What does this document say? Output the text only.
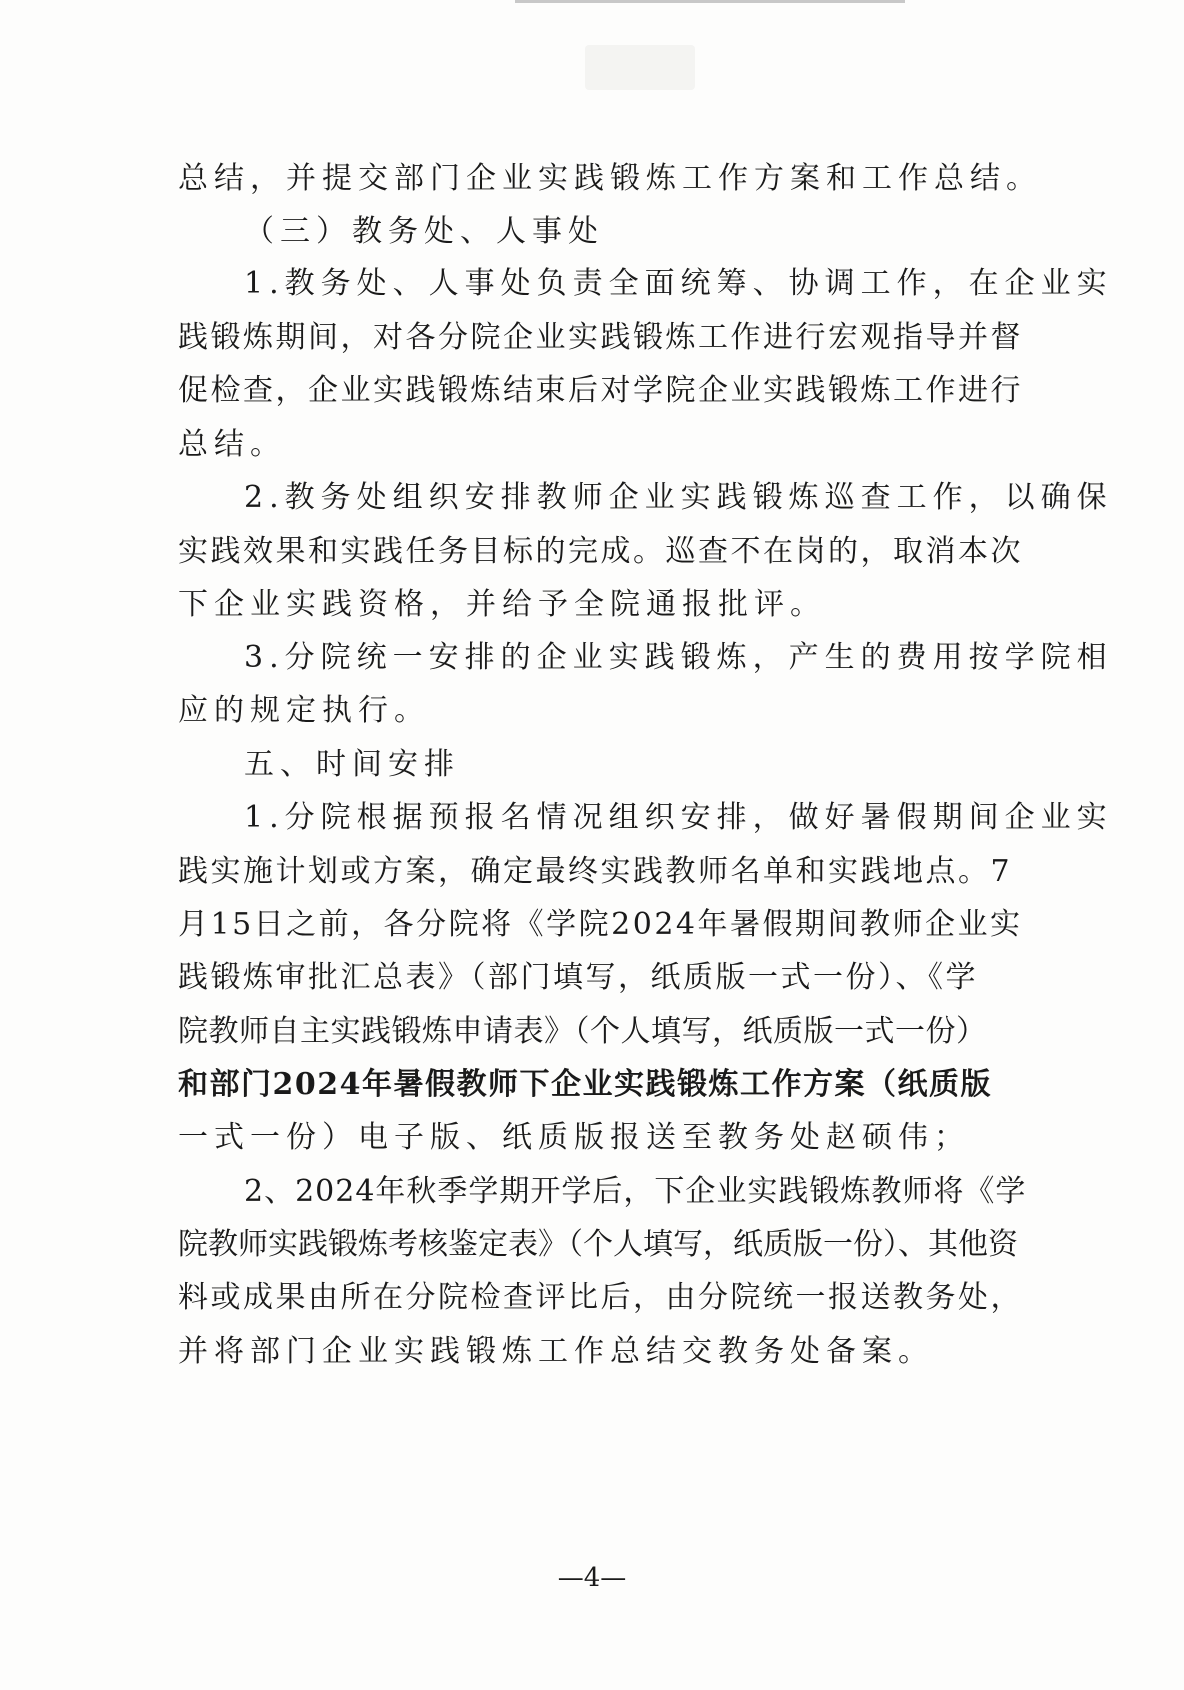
总结，并提交部门企业实践锻炼工作方案和工作总结。
（三）教务处、人事处
1.教务处、人事处负责全面统筹、协调工作，在企业实
践锻炼期间，对各分院企业实践锻炼工作进行宏观指导并督
促检查，企业实践锻炼结束后对学院企业实践锻炼工作进行
总结。
2.教务处组织安排教师企业实践锻炼巡查工作，以确保
实践效果和实践任务目标的完成。巡查不在岗的，取消本次
下企业实践资格，并给予全院通报批评。
3.分院统一安排的企业实践锻炼，产生的费用按学院相
应的规定执行。
五、时间安排
1.分院根据预报名情况组织安排，做好暑假期间企业实
践实施计划或方案，确定最终实践教师名单和实践地点。7
月15日之前，各分院将《学院2024年暑假期间教师企业实
践锻炼审批汇总表》（部门填写，纸质版一式一份）、《学
院教师自主实践锻炼申请表》（个人填写，纸质版一式一份）
和部门2024年暑假教师下企业实践锻炼工作方案（纸质版
一式一份）电子版、纸质版报送至教务处赵硕伟；
2、2024年秋季学期开学后，下企业实践锻炼教师将《学
院教师实践锻炼考核鉴定表》（个人填写，纸质版一份）、其他资
料或成果由所在分院检查评比后，由分院统一报送教务处，
并将部门企业实践锻炼工作总结交教务处备案。
—4—
